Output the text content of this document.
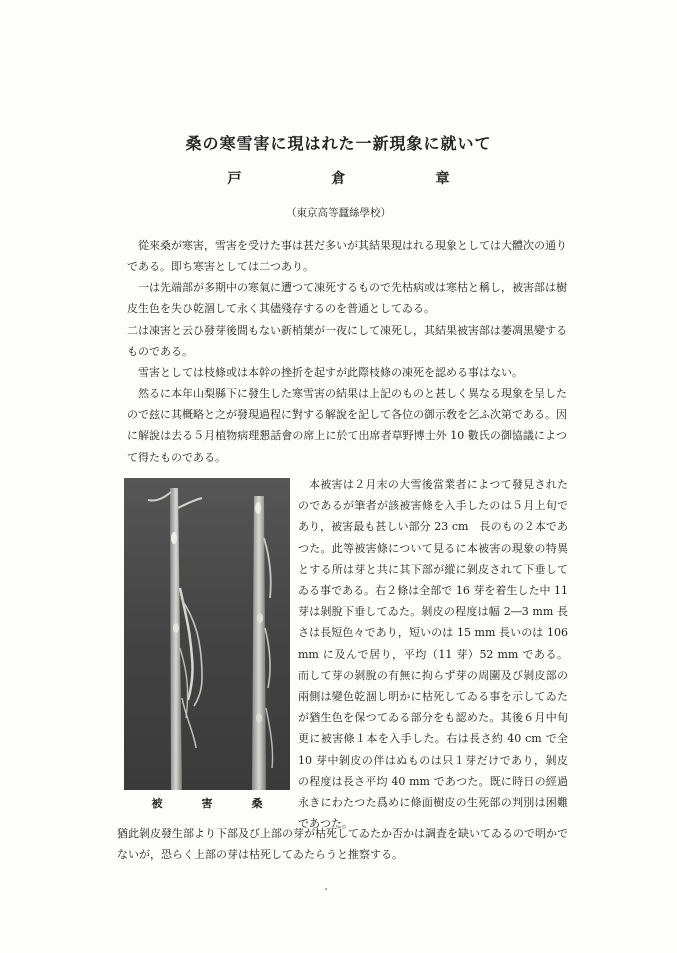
桑の寒雪害に現はれた一新現象に就いて
戸　倉　章
（東京高等蠶絲學校）

從來桑が寒害，雪害を受けた事は甚だ多いが其結果現はれる現象としては大體次の通りである。即ち寒害としては二つあり。

一は先端部が多期中の寒氣に遭つて凍死するもので先枯病或は寒枯と稱し，被害部は樹皮生色を失ひ乾涸して永く其儘殘存するのを普通としてゐる。

二は凍害と云ひ發芽後間もない新梢葉が一夜にして凍死し，其結果被害部は萎凋黒變するものである。

雪害としては枝條或は本幹の挫折を起すが此際枝條の凍死を認める事はない。

然るに本年山梨縣下に發生した寒雪害の結果は上記のものと甚しく異なる現象を呈したので玆に其概略と之が發現過程に對する解說を記して各位の御示敎を乞ふ次第である。因に解說は去る５月植物病理懇話會の席上に於て出席者草野博士外 10 數氏の御協議によつて得たものである。

被　害　桑

本被害は２月末の大雪後當業者によつて發見されたのであるが筆者が該被害條を入手したのは５月上旬であり，被害最も甚しい部分 23 cm　長のもの２本であつた。此等被害條について見るに本被害の現象の特異とする所は芽と共に其下部が縱に剝皮されて下垂してゐる事である。右２條は全部で 16 芽を着生した中 11 芽は剝脫下垂してゐた。剝皮の程度は幅 2―3 mm 長さは長短色々であり，短いのは 15 mm 長いのは 106 mm に及んで居り，平均（11 芽）52 mm である。而して芽の剝脫の有無に拘らず芽の周圍及び剝皮部の兩側は變色乾涸し明かに枯死してゐる事を示してゐたが猶生色を保つてゐる部分をも認めた。其後６月中旬更に被害條１本を入手した。右は長さ約 40 cm で全 10 芽中剝皮の伴はぬものは只１芽だけであり，剝皮の程度は長さ平均 40 mm であつた。既に時日の經過永きにわたつた爲めに條面樹皮の生死部の判別は困難であつた。

猶此剝皮發生部より下部及び上部の芽が枯死してゐたか否かは調査を缺いてゐるので明かでないが，恐らく上部の芽は枯死してゐたらうと推察する。
